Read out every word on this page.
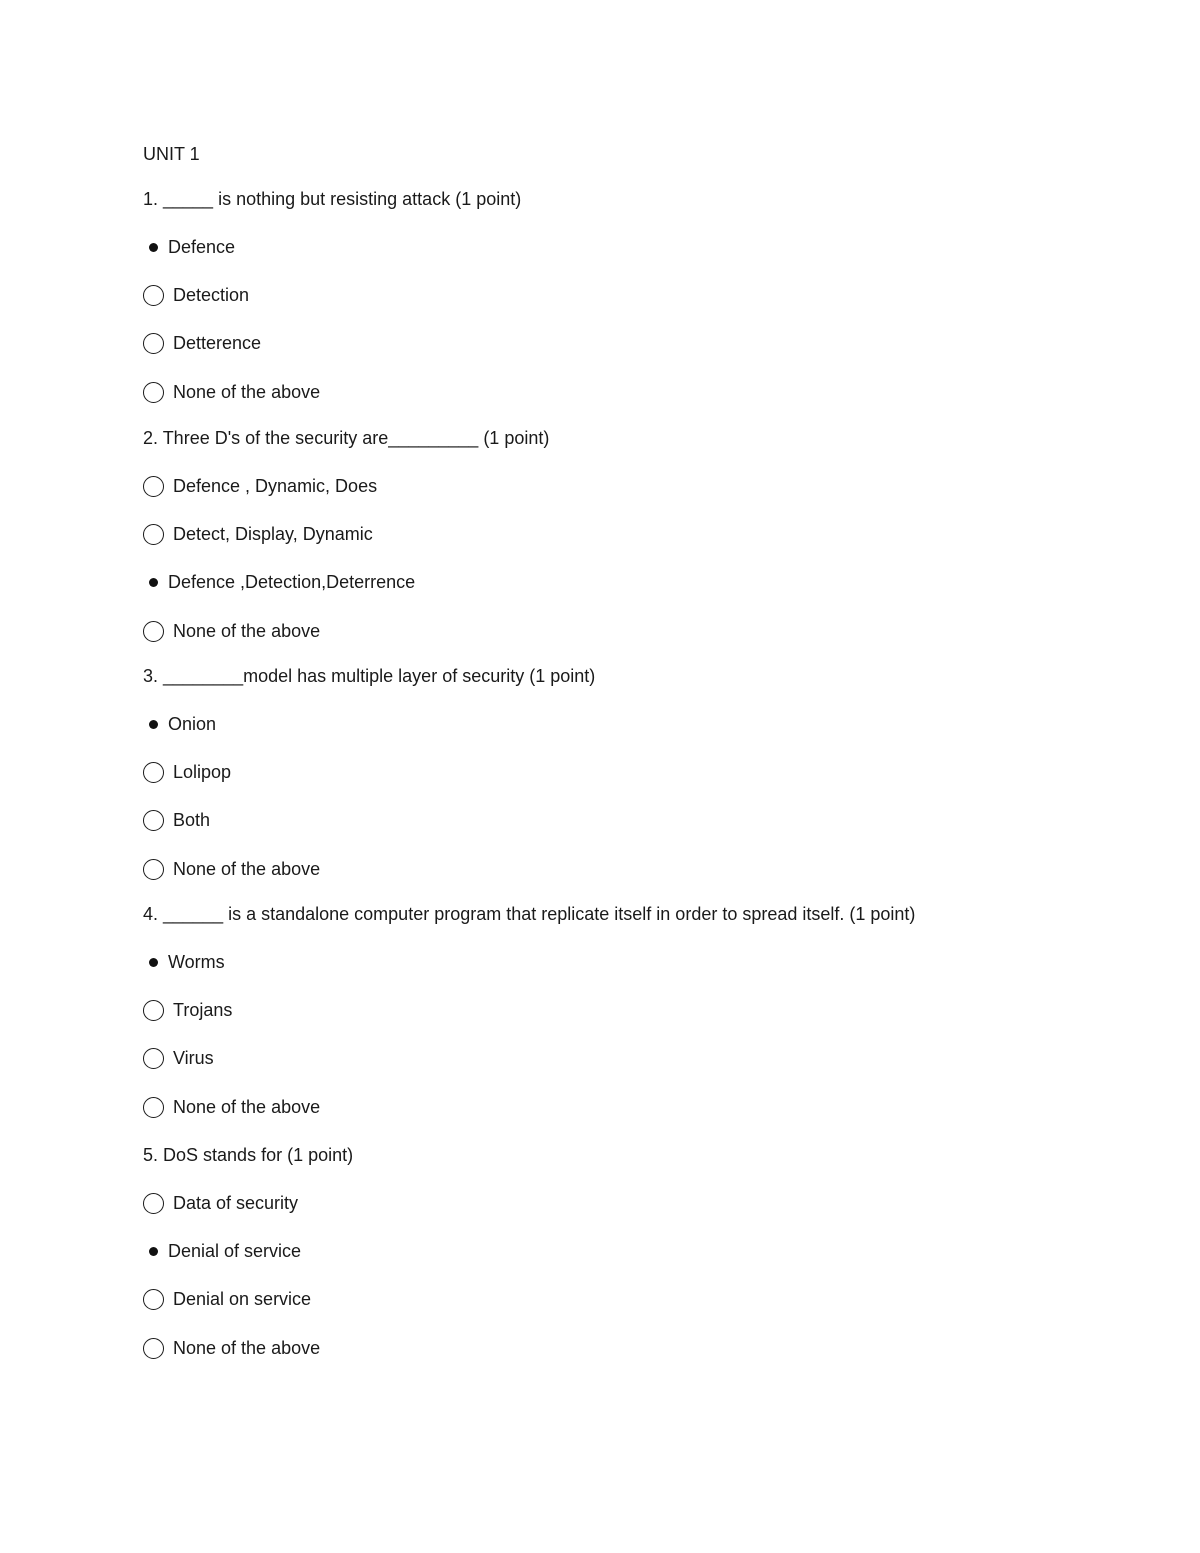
UNIT 1
1. _____ is nothing but resisting attack (1 point)
Defence
Detection
Detterence
None of the above
2. Three D's of the security are_________ (1 point)
Defence , Dynamic, Does
Detect, Display, Dynamic
Defence ,Detection,Deterrence
None of the above
3. ________model has multiple layer of security (1 point)
Onion
Lolipop
Both
None of the above
4. ______ is a standalone computer program that replicate itself in order to spread itself. (1 point)
Worms
Trojans
Virus
None of the above
5. DoS stands for (1 point)
Data of security
Denial of service
Denial on service
None of the above
